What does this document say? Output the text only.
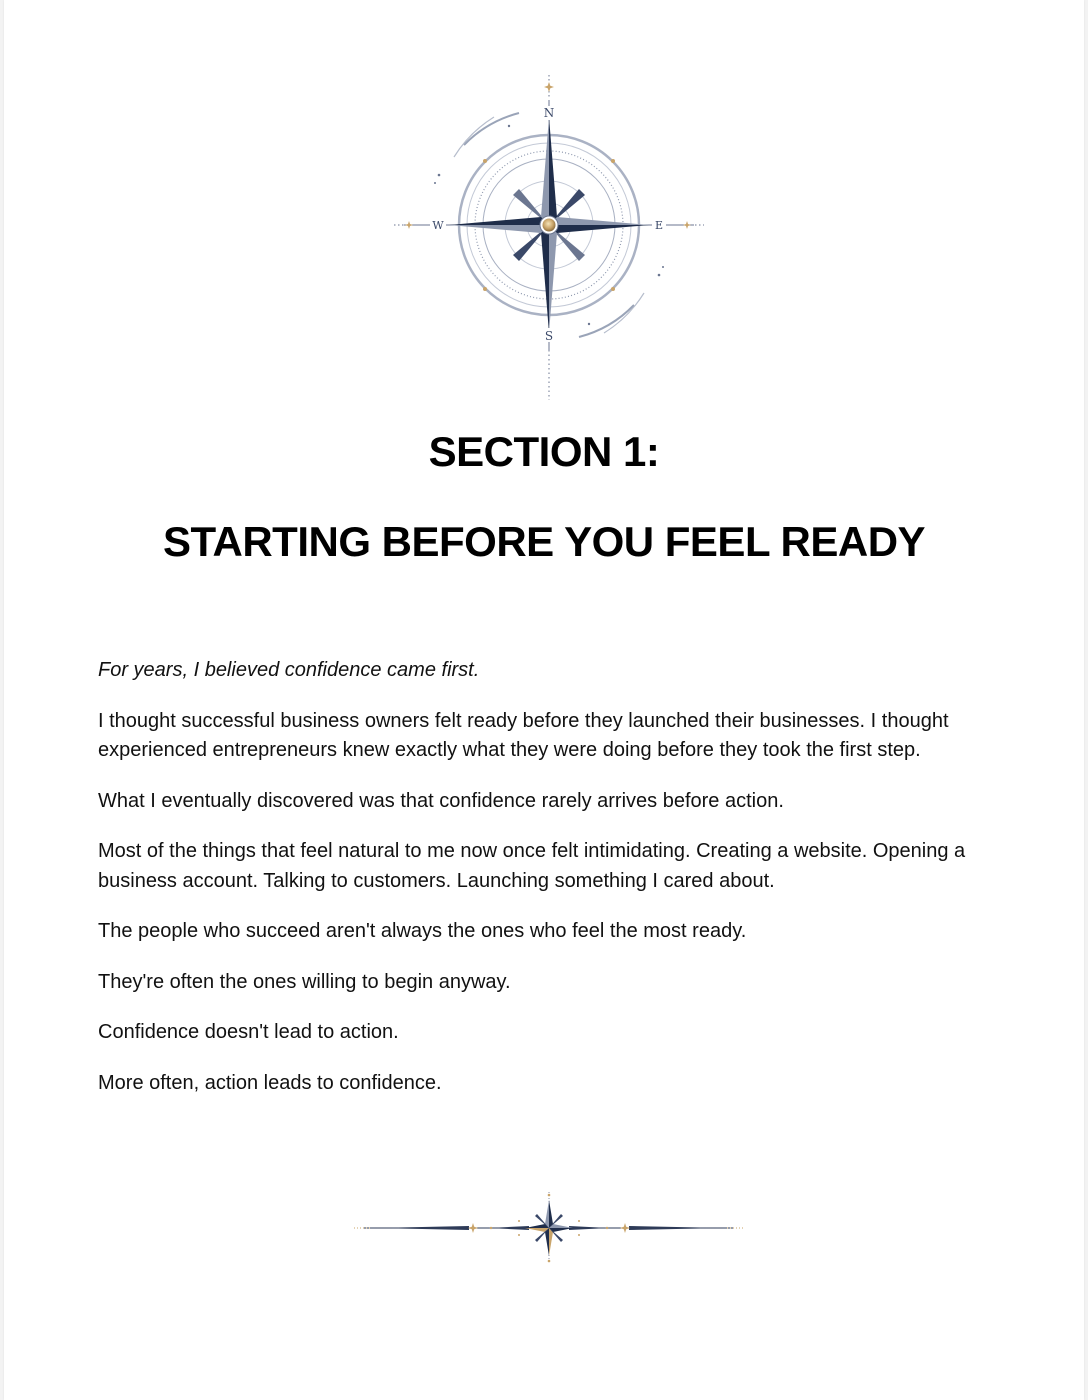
N
S
E
W
SECTION 1:
STARTING BEFORE YOU FEEL READY

For years, I believed confidence came first.

I thought successful business owners felt ready before they launched their businesses. I thought experienced entrepreneurs knew exactly what they were doing before they took the first step.

What I eventually discovered was that confidence rarely arrives before action.

Most of the things that feel natural to me now once felt intimidating. Creating a website. Opening a business account. Talking to customers. Launching something I cared about.

The people who succeed aren't always the ones who feel the most ready.

They're often the ones willing to begin anyway.

Confidence doesn't lead to action.

More often, action leads to confidence.
